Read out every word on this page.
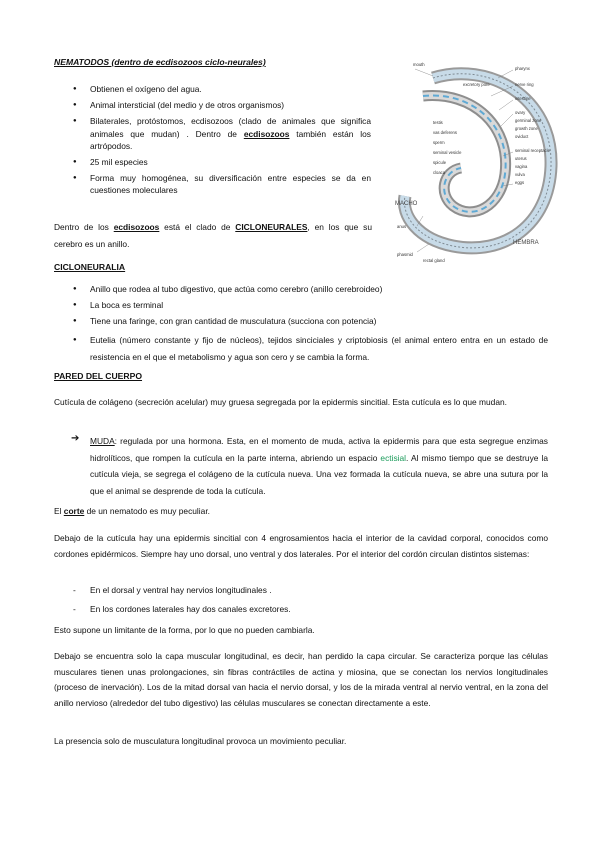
NEMATODOS (dentro de ecdisozoos ciclo-neurales)
● Obtienen el oxígeno del agua.
● Animal intersticial (del medio y de otros organismos)
● Bilaterales, protóstomos, ecdisozoos (clado de animales que signiﬁca animales que mudan) . Dentro de ecdisozoos también están los artrópodos.
● 25 mil especies
● Forma muy homogénea, su diversiﬁcación entre especies se da en cuestiones moleculares
Dentro de los ecdisozoos está el clado de CICLONEURALES, en los que su cerebro es un anillo.
mouth
pharynx
excretory pore	nerve ring
intestine
ovary
germinal zone
growth zone
oviduct
seminal receptacle
uterus
vagina
vulva
eggs
testis
vas deferens
sperm
seminal vesicle
spicule
cloaca
anus
phasmid
rectal gland
MACHO
HEMBRA
CICLONEURALIA
● Anillo que rodea al tubo digestivo, que actúa como cerebro (anillo cerebroideo)
● La boca es terminal
● Tiene una faringe, con gran cantidad de musculatura (succiona con potencia)
● Eutelia (número constante y ﬁjo de núcleos), tejidos sinciciales y criptobiosis (el animal entero entra en un estado de resistencia en el que el metabolismo y agua son cero y se cambia la forma.
PARED DEL CUERPO
Cutícula de colágeno (secreción acelular) muy gruesa segregada por la epidermis sincitial. Esta cutícula es lo que mudan.
➔ MUDA: regulada por una hormona. Esta, en el momento de muda, activa la epidermis para que esta segregue enzimas hidrolíticos, que rompen la cutícula en la parte interna, abriendo un espacio ectisial. Al mismo tiempo que se destruye la cutícula vieja, se segrega el colágeno de la cutícula nueva. Una vez formada la cutícula nueva, se abre una sutura por la que el animal se desprende de toda la cutícula.
El corte de un nematodo es muy peculiar.
Debajo de la cutícula hay una epidermis sincitial con 4 engrosamientos hacia el interior de la cavidad corporal, conocidos como cordones epidérmicos. Siempre hay uno dorsal, uno ventral y dos laterales. Por el interior del cordón circulan distintos sistemas:
- En el dorsal y ventral hay nervios longitudinales .
- En los cordones laterales hay dos canales excretores.
Esto supone un limitante de la forma, por lo que no pueden cambiarla.
Debajo se encuentra solo la capa muscular longitudinal, es decir, han perdido la capa circular. Se caracteriza porque las células musculares tienen unas prolongaciones, sin ﬁbras contráctiles de actina y miosina, que se conectan los nervios longitudinales (proceso de inervación). Los de la mitad dorsal van hacia el nervio dorsal, y los de la mirada ventral al nervio ventral, en la zona del anillo nervioso (alrededor del tubo digestivo) las células musculares se conectan directamente a este.
La presencia solo de musculatura longitudinal provoca un movimiento peculiar.
